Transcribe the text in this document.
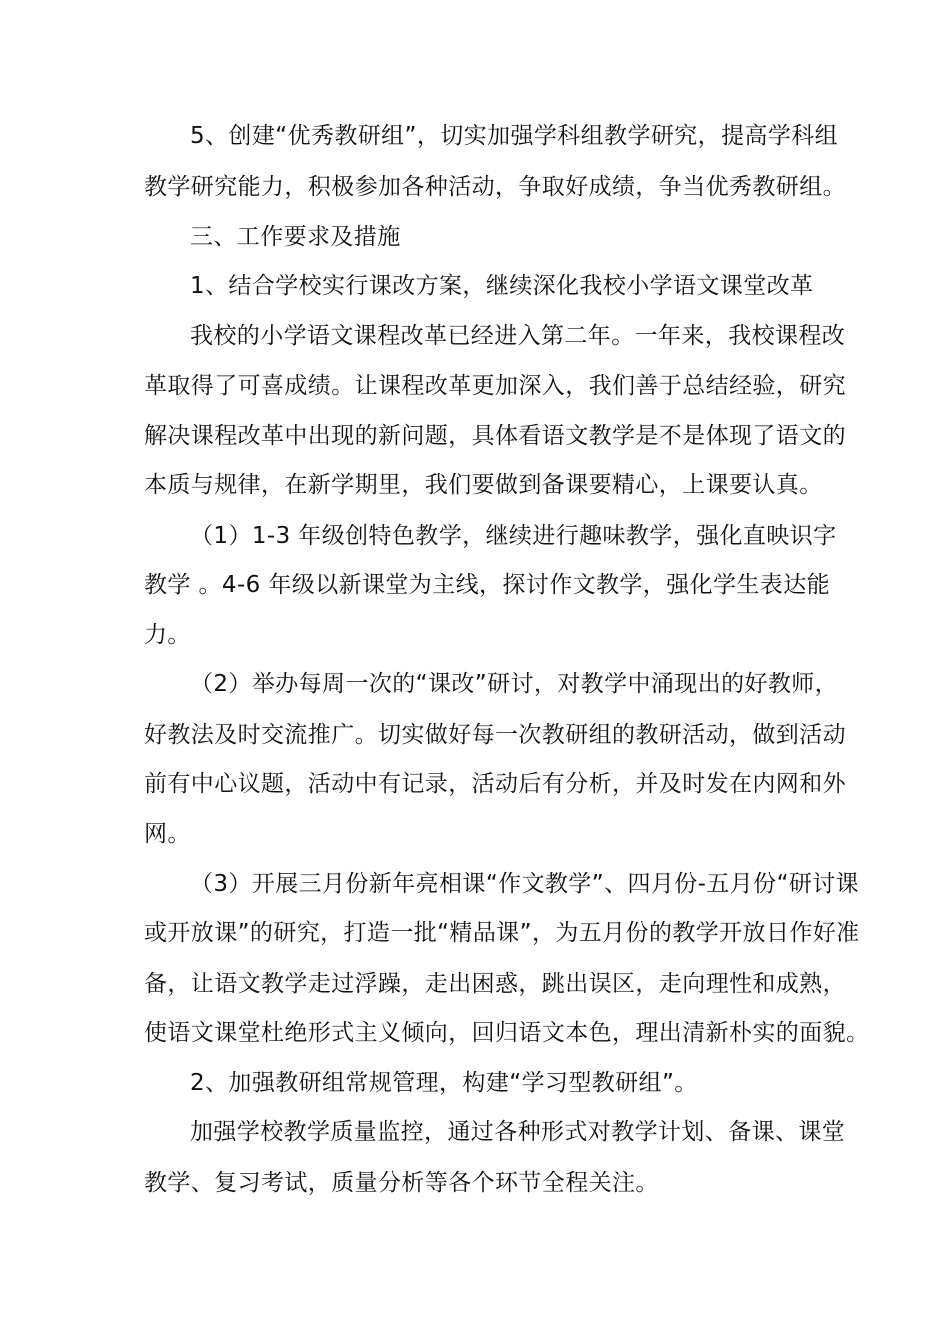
5、创建“优秀教研组”，切实加强学科组教学研究，提高学科组
教学研究能力，积极参加各种活动，争取好成绩，争当优秀教研组。
三、工作要求及措施
1、结合学校实行课改方案，继续深化我校小学语文课堂改革
我校的小学语文课程改革已经进入第二年。一年来，我校课程改
革取得了可喜成绩。让课程改革更加深入，我们善于总结经验，研究
解决课程改革中出现的新问题，具体看语文教学是不是体现了语文的
本质与规律，在新学期里，我们要做到备课要精心，上课要认真。
（1）1-3 年级创特色教学，继续进行趣味教学，强化直映识字
教学 。4-6 年级以新课堂为主线，探讨作文教学，强化学生表达能
力。
（2）举办每周一次的“课改”研讨，对教学中涌现出的好教师，
好教法及时交流推广。切实做好每一次教研组的教研活动，做到活动
前有中心议题，活动中有记录，活动后有分析，并及时发在内网和外
网。
（3）开展三月份新年亮相课“作文教学”、四月份-五月份“研讨课
或开放课”的研究，打造一批“精品课”，为五月份的教学开放日作好准
备，让语文教学走过浮躁，走出困惑，跳出误区，走向理性和成熟，
使语文课堂杜绝形式主义倾向，回归语文本色，理出清新朴实的面貌。
2、加强教研组常规管理，构建“学习型教研组”。
加强学校教学质量监控，通过各种形式对教学计划、备课、课堂
教学、复习考试，质量分析等各个环节全程关注。
